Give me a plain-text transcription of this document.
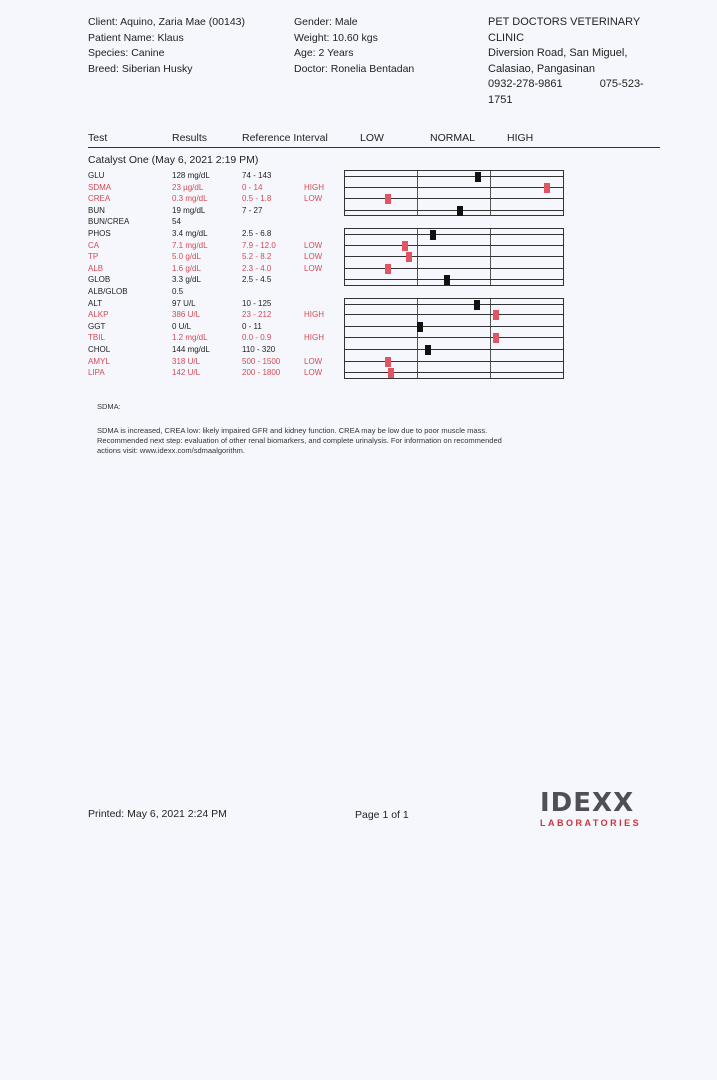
Client: Aquino, Zaria Mae (00143)
Patient Name: Klaus
Species: Canine
Breed: Siberian Husky
Gender: Male
Weight: 10.60 kgs
Age: 2 Years
Doctor: Ronelia Bentadan
PET DOCTORS VETERINARY CLINIC
Diversion Road, San Miguel,
Calasiao, Pangasinan
0932-278-9861	075-523-
1751
Test	Results	Reference Interval	LOW	NORMAL	HIGH
Catalyst One (May 6, 2021 2:19 PM)
GLU	128 mg/dL	74 - 143
SDMA	23 µg/dL	0 - 14	HIGH
CREA	0.3 mg/dL	0.5 - 1.8	LOW
BUN	19 mg/dL	7 - 27
BUN/CREA	54
PHOS	3.4 mg/dL	2.5 - 6.8
CA	7.1 mg/dL	7.9 - 12.0	LOW
TP	5.0 g/dL	5.2 - 8.2	LOW
ALB	1.6 g/dL	2.3 - 4.0	LOW
GLOB	3.3 g/dL	2.5 - 4.5
ALB/GLOB	0.5
ALT	97 U/L	10 - 125
ALKP	386 U/L	23 - 212	HIGH
GGT	0 U/L	0 - 11
TBIL	1.2 mg/dL	0.0 - 0.9	HIGH
CHOL	144 mg/dL	110 - 320
AMYL	318 U/L	500 - 1500	LOW
LIPA	142 U/L	200 - 1800	LOW
SDMA:
SDMA is increased, CREA low: likely impaired GFR and kidney function. CREA may be low due to poor muscle mass. Recommended next step: evaluation of other renal biomarkers, and complete urinalysis. For information on recommended actions visit: www.idexx.com/sdmaalgorithm.
Printed: May 6, 2021 2:24 PM	Page 1 of 1	IDEXX
LABORATORIES
